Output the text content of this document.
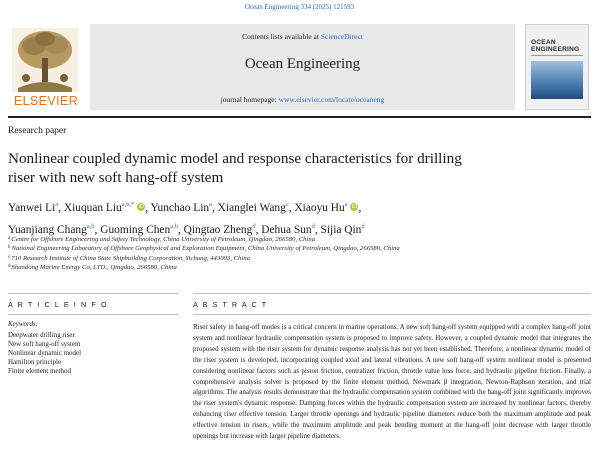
Ocean Engineering 334 (2025) 121593
ELSEVIER
Contents lists available at ScienceDirect
Ocean Engineering
journal homepage: www.elsevier.com/locate/oceaneng
OCEAN
ENGINEERING
Research paper
Nonlinear coupled dynamic model and response characteristics for drilling
riser with new soft hang-off system
Yanwei Li$^a$, Xiuquan Liu$^{a,b,*}$ iD, Yunchao Lin$^a$, Xianglei Wang$^c$, Xiaoyu Hu$^a$ iD,
Yuanjiang Chang$^{a,b}$, Guoming Chen$^{a,b}$, Qingtao Zheng$^d$, Dehua Sun$^d$, Sijia Qin$^d$
$^a$Centre for Offshore Engineering and Safety Technology, China University of Petroleum, Qingdao, 266580, China
$^b$National Engineering Laboratory of Offshore Geophysical and Exploration Equipment, China University of Petroleum, Qingdao, 266580, China
$^c$710 Research Institute of China State Shipbuilding Corporation, Yichang, 443003, China
$^d$Shandong Marine Energy Co, LTD., Qingdao, 266580, China
A R T I C L E I N F O	A B S T R A C T
Keywords:
Deepwater drilling riser
New soft hang-off system
Nonlinear dynamic model
Hamilton principle
Finite element method
Riser safety in hang-off modes is a critical concern in marine operations. A new soft hang-off system equipped with a complex hang-off joint system and nonlinear hydraulic compensation system is proposed to improve safety. However, a coupled dynamic model that integrates the proposed system with the riser system for dynamic response analysis has not yet been established. Therefore, a nonlinear dynamic model of the riser system is developed, incorporating coupled axial and lateral vibrations. A new soft hang-off system nonlinear model is presented considering nonlinear factors such as piston friction, centralizer friction, throttle value loss force, and hydraulic pipeline friction. Finally, a comprehensive analysis solver is proposed by the finite element method, Newmark β integration, Newton-Raphson iteration, and trial algorithms. The analysis results demonstrate that the hydraulic compensation system combined with the hang-off joint significantly improves the riser system's dynamic response. Damping forces within the hydraulic compensation system are increased by nonlinear factors, thereby enhancing riser effective tension. Larger throttle openings and hydraulic pipeline diameters reduce both the maximum amplitude and peak effective tension in risers, while the maximum amplitude and peak bending moment at the hang-off joint decrease with larger throttle openings but increase with larger pipeline diameters.
